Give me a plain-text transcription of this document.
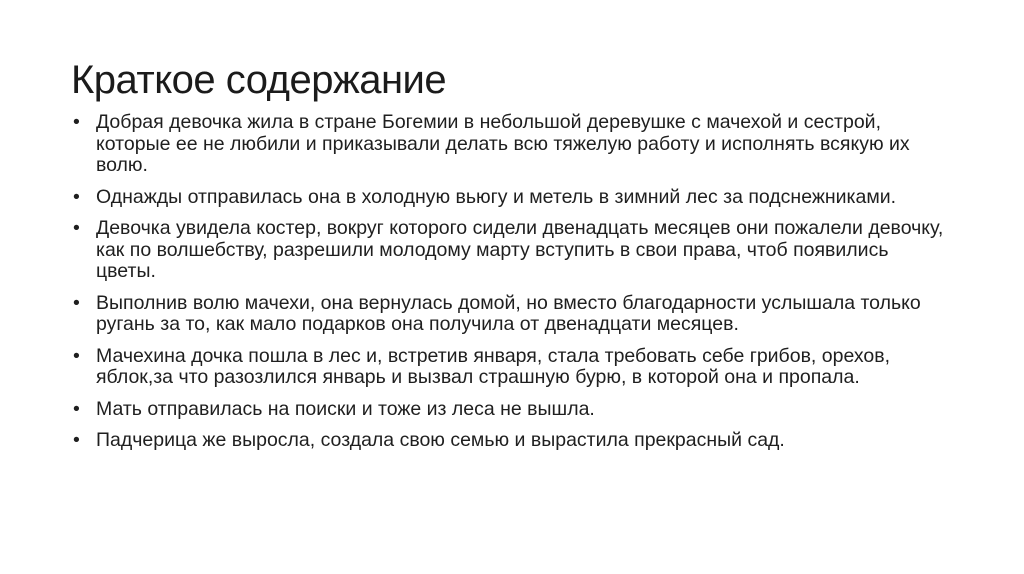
Краткое содержание
• Добрая девочка жила в стране Богемии в небольшой деревушке с мачехой и сестрой, которые ее не любили и приказывали делать всю тяжелую работу и исполнять всякую их волю.
• Однажды отправилась она в холодную вьюгу и метель в зимний лес за подснежниками.
• Девочка увидела костер, вокруг которого сидели двенадцать месяцев они пожалели девочку, как по волшебству, разрешили молодому марту вступить в свои права, чтоб появились цветы.
• Выполнив волю мачехи, она вернулась домой, но вместо благодарности услышала только ругань за то, как мало подарков она получила от двенадцати месяцев.
• Мачехина дочка пошла в лес и, встретив января, стала требовать себе грибов, орехов, яблок,за что разозлился январь и вызвал страшную бурю, в которой она и пропала.
• Мать отправилась на поиски и тоже из леса не вышла.
• Падчерица же выросла, создала свою семью и вырастила прекрасный сад.
